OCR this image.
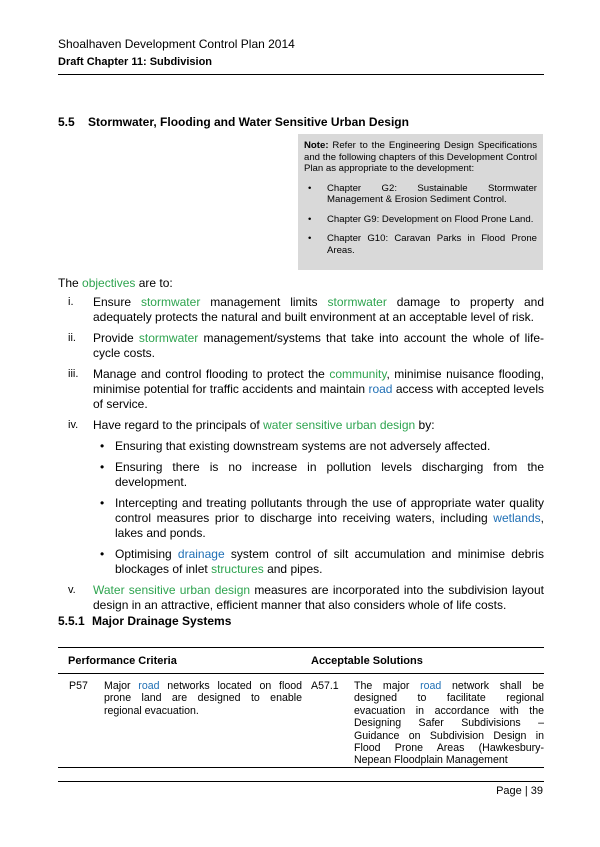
Shoalhaven Development Control Plan 2014
Draft Chapter 11: Subdivision
5.5 Stormwater, Flooding and Water Sensitive Urban Design

Note: Refer to the Engineering Design Specifications and the following chapters of this Development Control Plan as appropriate to the development:

• Chapter G2: Sustainable Stormwater Management & Erosion Sediment Control.
• Chapter G9: Development on Flood Prone Land.
• Chapter G10: Caravan Parks in Flood Prone Areas.
The objectives are to:
i. Ensure stormwater management limits stormwater damage to property and adequately protects the natural and built environment at an acceptable level of risk.
ii. Provide stormwater management/systems that take into account the whole of life-cycle costs.
iii. Manage and control flooding to protect the community, minimise nuisance flooding, minimise potential for traffic accidents and maintain road access with accepted levels of service.
iv. Have regard to the principals of water sensitive urban design by:
• Ensuring that existing downstream systems are not adversely affected.
• Ensuring there is no increase in pollution levels discharging from the development.
• Intercepting and treating pollutants through the use of appropriate water quality control measures prior to discharge into receiving waters, including wetlands, lakes and ponds.
• Optimising drainage system control of silt accumulation and minimise debris blockages of inlet structures and pipes.
v. Water sensitive urban design measures are incorporated into the subdivision layout design in an attractive, efficient manner that also considers whole of life costs.
5.5.1 Major Drainage Systems
Performance Criteria	Acceptable Solutions
P57 Major road networks located on flood prone land are designed to enable regional evacuation.
A57.1 The major road network shall be designed to facilitate regional evacuation in accordance with the Designing Safer Subdivisions – Guidance on Subdivision Design in Flood Prone Areas (Hawkesbury-Nepean Floodplain Management
Page | 39
